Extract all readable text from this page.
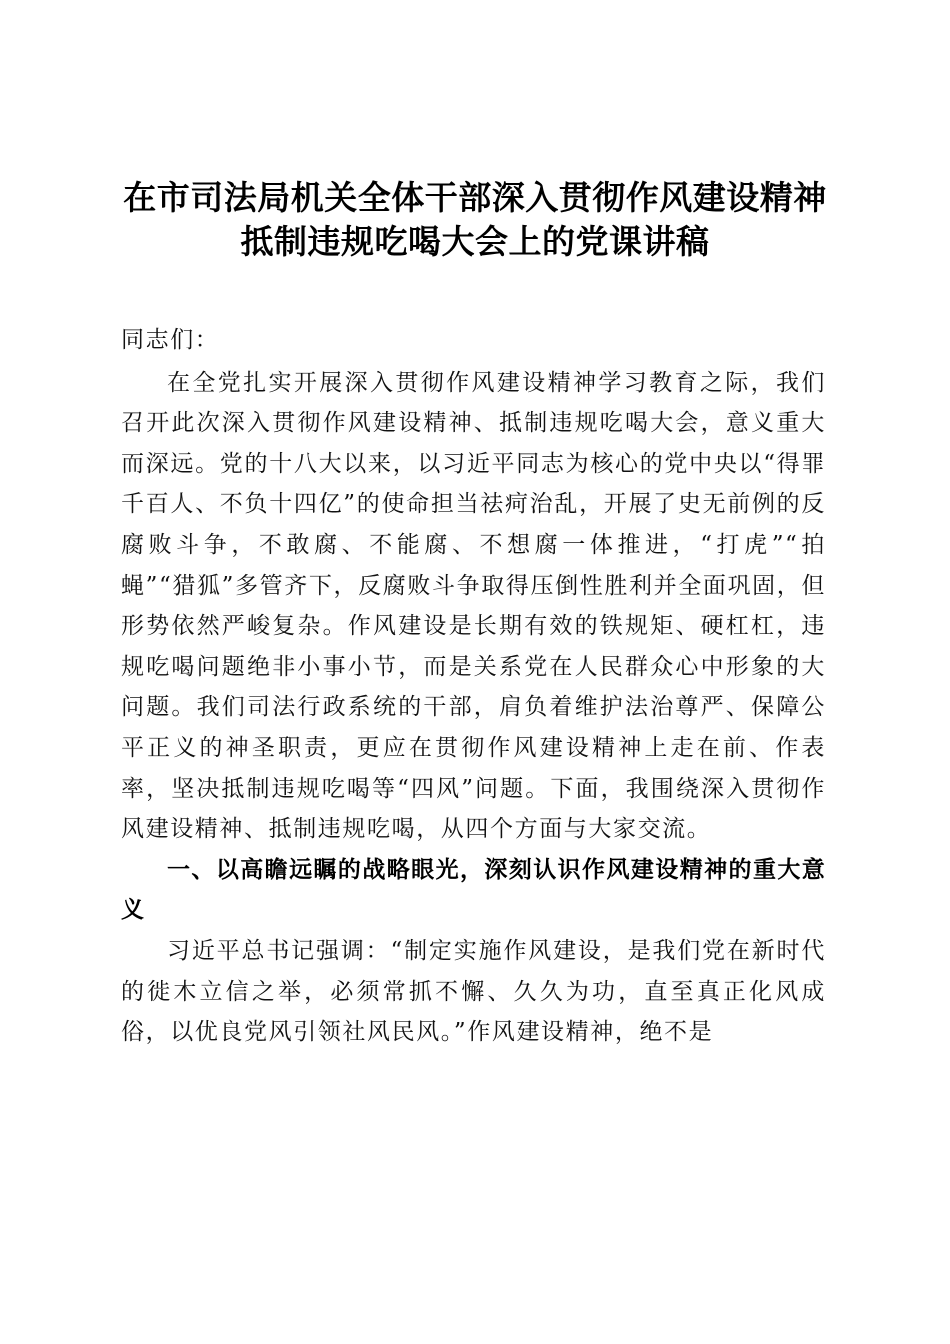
在市司法局机关全体干部深入贯彻作风建设精神抵制违规吃喝大会上的党课讲稿

同志们：

在全党扎实开展深入贯彻作风建设精神学习教育之际，我们召开此次深入贯彻作风建设精神、抵制违规吃喝大会，意义重大而深远。党的十八大以来，以习近平同志为核心的党中央以“得罪千百人、不负十四亿”的使命担当祛疴治乱，开展了史无前例的反腐败斗争，不敢腐、不能腐、不想腐一体推进，“打虎”“拍蝇”“猎狐”多管齐下，反腐败斗争取得压倒性胜利并全面巩固，但形势依然严峻复杂。作风建设是长期有效的铁规矩、硬杠杠，违规吃喝问题绝非小事小节，而是关系党在人民群众心中形象的大问题。我们司法行政系统的干部，肩负着维护法治尊严、保障公平正义的神圣职责，更应在贯彻作风建设精神上走在前、作表率，坚决抵制违规吃喝等“四风”问题。下面，我围绕深入贯彻作风建设精神、抵制违规吃喝，从四个方面与大家交流。

一、以高瞻远瞩的战略眼光，深刻认识作风建设精神的重大意义

习近平总书记强调：“制定实施作风建设，是我们党在新时代的徙木立信之举，必须常抓不懈、久久为功，直至真正化风成俗，以优良党风引领社风民风。”作风建设精神，绝不是
